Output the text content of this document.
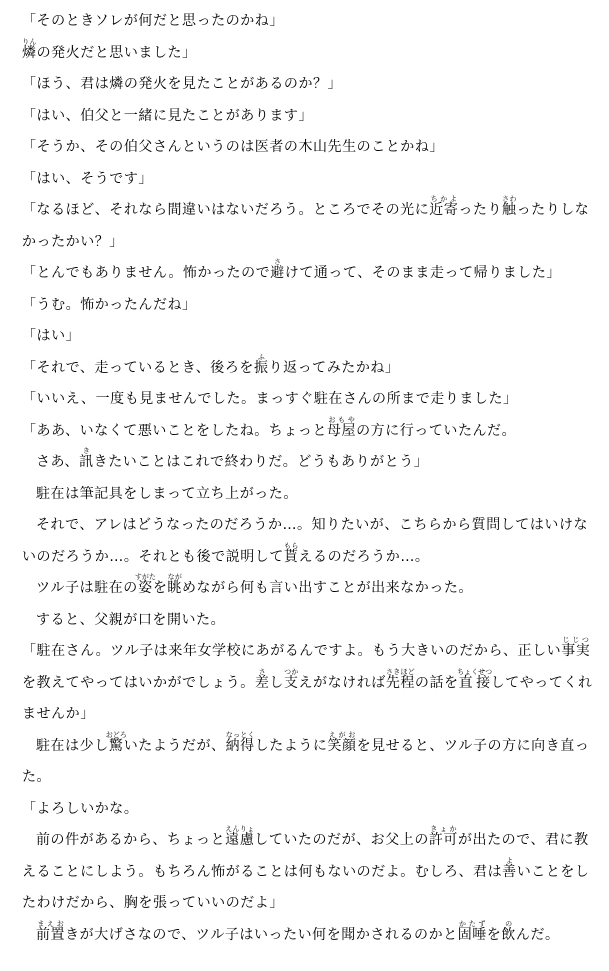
「そのときソレが何だと思ったのかね」

燐りんの発火だと思いました」

「ほう、君は燐の発火を見たことがあるのか？」

「はい、伯父と一緒に見たことがあります」

「そうか、その伯父さんというのは医者の木山先生のことかね」

「はい、そうです」

「なるほど、それなら間違いはないだろう。ところでその光に近寄ちかよったり触さわったりしなかったかい？」

「とんでもありません。怖かったので避さけて通って、そのまま走って帰りました」

「うむ。怖かったんだね」

「はい」

「それで、走っているとき、後ろを振ふり返ってみたかね」

「いいえ、一度も見ませんでした。まっすぐ駐在さんの所まで走りました」

「ああ、いなくて悪いことをしたね。ちょっと母屋おもやの方に行っていたんだ。

さあ、訊ききたいことはこれで終わりだ。どうもありがとう」

駐在は筆記具をしまって立ち上がった。

それで、アレはどうなったのだろうか…。知りたいが、こちらから質問してはいけないのだろうか…。それとも後で説明して貰もらえるのだろうか…。

ツル子は駐在の姿すがたを眺ながめながら何も言い出すことが出来なかった。

すると、父親が口を開いた。

「駐在さん。ツル子は来年女学校にあがるんですよ。もう大きいのだから、正しい事実じじつを教えてやってはいかがでしょう。差さし支つかえがなければ先程さきほどの話を直接ちょくせつしてやってくれませんか」

駐在は少し驚おどろいたようだが、納得なっとくしたように笑顔えがおを見せると、ツル子の方に向き直った。

「よろしいかな。

前の件があるから、ちょっと遠慮えんりょしていたのだが、お父上の許可きょかが出たので、君に教えることにしよう。もちろん怖がることは何もないのだよ。むしろ、君は善よいことをしたわけだから、胸を張っていいのだよ」

前置まえおきが大げさなので、ツル子はいったい何を聞かされるのかと固唾かたずを飲のんだ。
